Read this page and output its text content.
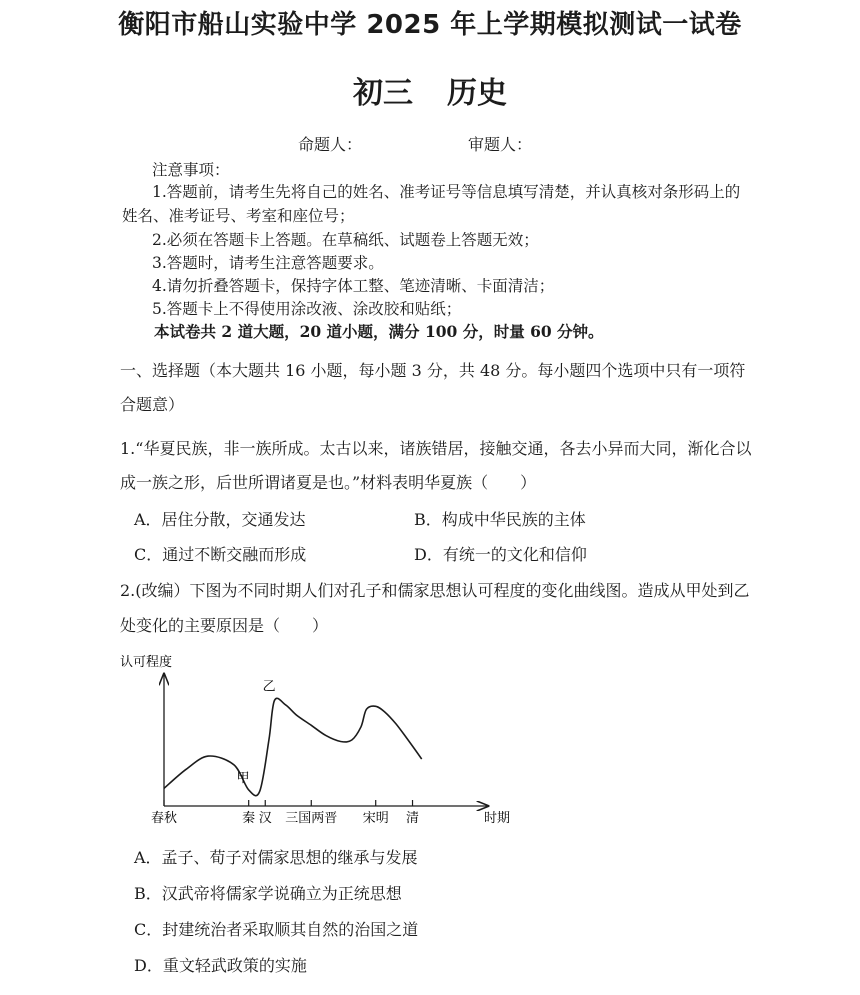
衡阳市船山实验中学 2025 年上学期模拟测试一试卷
初三 历史
命题人：	审题人：
注意事项：
1.答题前，请考生先将自己的姓名、准考证号等信息填写清楚，并认真核对条形码上的
姓名、准考证号、考室和座位号；
2.必须在答题卡上答题。在草稿纸、试题卷上答题无效；
3.答题时，请考生注意答题要求。
4.请勿折叠答题卡，保持字体工整、笔迹清晰、卡面清洁；
5.答题卡上不得使用涂改液、涂改胶和贴纸；
本试卷共 2 道大题，20 道小题，满分 100 分，时量 60 分钟。
一、选择题（本大题共 16 小题，每小题 3 分，共 48 分。每小题四个选项中只有一项符
合题意）
1.“华夏民族，非一族所成。太古以来，诸族错居，接触交通，各去小异而大同，渐化合以
成一族之形，后世所谓诸夏是也。”材料表明华夏族（　　）
A．居住分散，交通发达	B．构成中华民族的主体
C．通过不断交融而形成	D．有统一的文化和信仰
2.(改编）下图为不同时期人们对孔子和儒家思想认可程度的变化曲线图。造成从甲处到乙
处变化的主要原因是（　　）
认可程度
春秋	秦 汉 三国两晋 宋明 清
甲
乙
时期
A．孟子、荀子对儒家思想的继承与发展
B．汉武帝将儒家学说确立为正统思想
C．封建统治者采取顺其自然的治国之道
D．重文轻武政策的实施
